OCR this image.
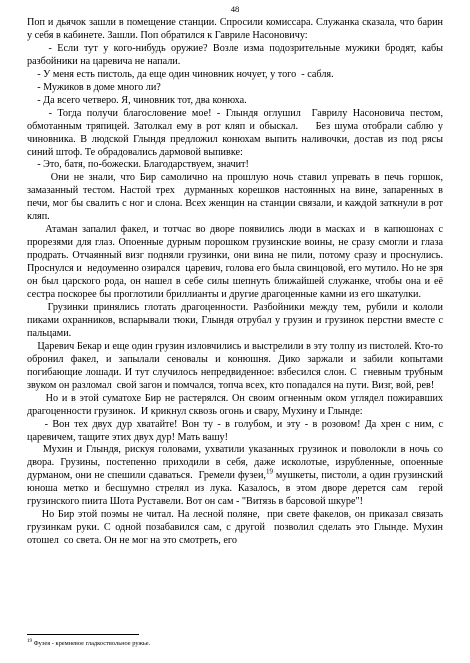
48

Поп и дьячок зашли в помещение станции. Спросили комиссара. Служанка сказала, что барин у себя в кабинете. Зашли. Поп обратился к Гавриле Насоновичу:

- Если тут у кого-нибудь оружие? Возле изма подозрительные мужики бродят, кабы разбойники на царевича не напали.

- У меня есть пистоль, да еще один чиновник ночует, у того  - сабля.

- Мужиков в доме много ли?

- Да всего четверо. Я, чиновник тот, два конюха.

- Тогда получи благословение мое! - Глындя оглушил  Гаврилу Насоновича пестом, обмотанным тряпицей. Затолкал ему в рот кляп и обыскал.    Без шума отобрали саблю у чиновника. В людской Глындя предложил конюхам выпить наливочки, достав из под рясы синий штоф. Те обрадовались дармовой выпивке:

- Это, батя, по-божески. Благодарствуем, значит!

Они не знали, что Бир самолично на прошлую ночь ставил упревать в печь горшок, замазанный тестом. Настой трех  дурманных корешков настоянных на вине, запаренных в печи, мог бы свалить с ног и слона. Всех женщин на станции связали, и каждой заткнули в рот кляп.

Атаман запалил факел, и тотчас во дворе появились люди в масках и  в капюшонах с прорезями для глаз. Опоенные дурным порошком грузинские воины, не сразу смогли и глаза продрать. Отчаянный визг подняли грузинки, они вина не пили, потому сразу и проснулись. Проснулся и  недоуменно озирался  царевич, голова его была свинцовой, его мутило. Но не зря он был царского рода, он нашел в себе силы шепнуть ближайшей служанке, чтобы она и её сестра поскорее бы проглотили бриллианты и другие драгоценные камни из его шкатулки.

Грузинки принялись глотать драгоценности. Разбойники между тем, рубили и кололи пиками охранников, вспарывали тюки, Глындя отрубал у грузин и грузинок перстни вместе с пальцами.

Царевич Бекар и еще один грузин изловчились и выстрелили в эту толпу из пистолей. Кто-то обронил факел, и запылали сеновалы и конюшня. Дико заржали и забили копытами погибающие лошади. И тут случилось непредвиденное: взбесился слон. С  гневным трубным звуком он разломал  свой загон и помчался, топча всех, кто попадался на пути. Визг, вой, рев!

Но и в этой суматохе Бир не растерялся. Он своим огненным оком углядел пожиравших драгоценности грузинок.  И крикнул сквозь огонь и свару, Мухину и Глынде:

- Вон тех двух дур хватайте! Вон ту - в голубом, и эту - в розовом! Да хрен с ним, с царевичем, тащите этих двух дур! Мать вашу!

Мухин и Глындя, рискуя головами, ухватили указанных грузинок и поволокли в ночь со двора. Грузины, постепенно приходили в себя, даже исколотые, изрубленные, опоенные дурманом, они не спешили сдаваться.  Гремели фузеи,$^{19}$ мушкеты, пистоли, а один грузинский юноша метко и бесшумно стрелял из лука. Казалось, в этом дворе дерется сам  герой грузинского пиита Шота Руставели. Вот он сам - "Витязь в барсовой шкуре"!

Но Бир этой поэмы не читал. На лесной поляне,  при свете факелов, он приказал связать грузинкам руки. С одной позабавился сам, с другой  позволил сделать это Глынде. Мухин отошел  со света. Он не мог на это смотреть, его

$^{19}$ Фузея - кремневое гладкоствольное ружье.
